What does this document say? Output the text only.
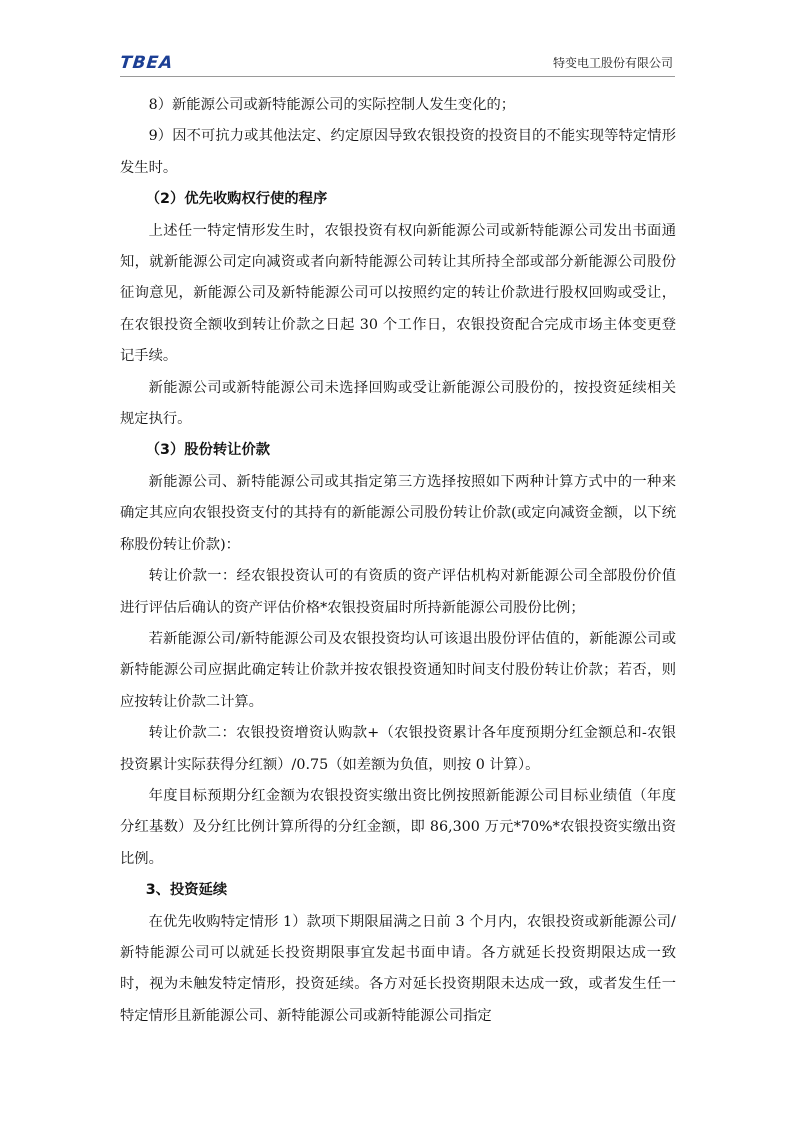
TBEA	特变电工股份有限公司

8）新能源公司或新特能源公司的实际控制人发生变化的；

9）因不可抗力或其他法定、约定原因导致农银投资的投资目的不能实现等特定情形发生时。

（2）优先收购权行使的程序

上述任一特定情形发生时，农银投资有权向新能源公司或新特能源公司发出书面通知，就新能源公司定向减资或者向新特能源公司转让其所持全部或部分新能源公司股份征询意见，新能源公司及新特能源公司可以按照约定的转让价款进行股权回购或受让，在农银投资全额收到转让价款之日起 30 个工作日，农银投资配合完成市场主体变更登记手续。

新能源公司或新特能源公司未选择回购或受让新能源公司股份的，按投资延续相关规定执行。

（3）股份转让价款

新能源公司、新特能源公司或其指定第三方选择按照如下两种计算方式中的一种来确定其应向农银投资支付的其持有的新能源公司股份转让价款(或定向减资金额，以下统称股份转让价款)：

转让价款一：经农银投资认可的有资质的资产评估机构对新能源公司全部股份价值进行评估后确认的资产评估价格*农银投资届时所持新能源公司股份比例；

若新能源公司/新特能源公司及农银投资均认可该退出股份评估值的，新能源公司或新特能源公司应据此确定转让价款并按农银投资通知时间支付股份转让价款；若否，则应按转让价款二计算。

转让价款二：农银投资增资认购款+（农银投资累计各年度预期分红金额总和-农银投资累计实际获得分红额）/0.75（如差额为负值，则按 0 计算）。

年度目标预期分红金额为农银投资实缴出资比例按照新能源公司目标业绩值（年度分红基数）及分红比例计算所得的分红金额，即 86,300 万元*70%*农银投资实缴出资比例。

3、投资延续

在优先收购特定情形 1）款项下期限届满之日前 3 个月内，农银投资或新能源公司/新特能源公司可以就延长投资期限事宜发起书面申请。各方就延长投资期限达成一致时，视为未触发特定情形，投资延续。各方对延长投资期限未达成一致，或者发生任一特定情形且新能源公司、新特能源公司或新特能源公司指定
